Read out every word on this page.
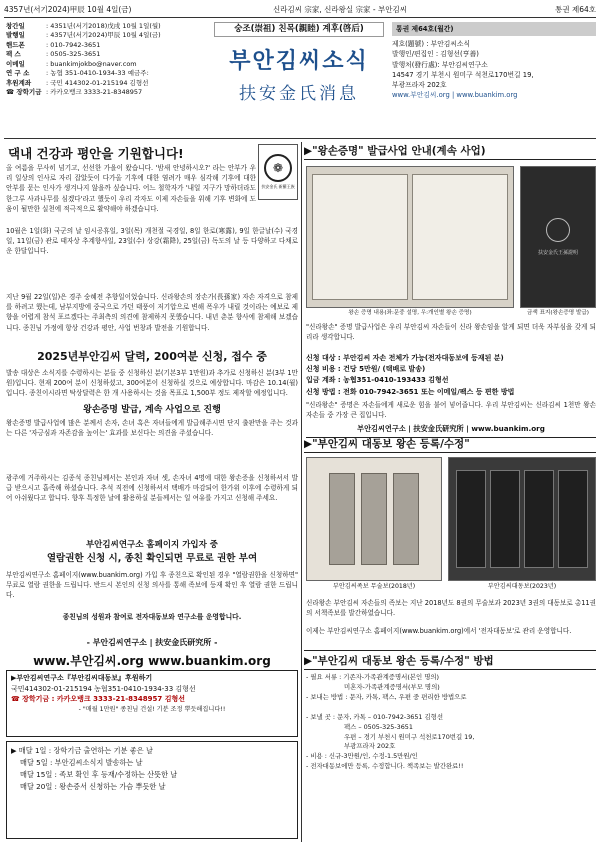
4357년(서기2024)甲辰 10월 4일(금)	신라김씨 宗家, 신라왕실 宗家 - 부안김씨	통권 제64호
창간일	: 4351년(서기2018)戊戌 10월 1일(월)
발행일	: 4357년(서기2024)甲辰 10월 4일(금)
핸드폰	: 010-7942-3651
팩 스	: 0505-325-3651
이메일	: buankimjokbo@naver.com
연 구 소	: 농협 351-0410-1934-33 예금주:
후원계좌	: 국민 414302-01-215194 김형선
☎ 장학기금 : 카카오뱅크 3333-21-8348957
숭조(崇祖) 친목(親睦) 계후(啓后)
부안김씨소식
扶安金氏消息
통권 제64호(월간)
제호(題號) : 부안김씨소식
발행인/편집인 : 김형선(亨善)
발행처(發行處): 부안김씨연구소
14547 경기 부천시 원미구 석천로170번길 19,
부광프라자 202호
www.부안김씨.org | www.buankim.org
댁내 건강과 평안을 기원합니다!
❁
扶安金氏 新羅王族
올 여름을 무사히 넘기고, 선선한 가을이 왔습니다. '밤새 안녕하시오?' 라는 안부가 우리 일상의 인사로 자리 잡았듯이 다가올 기후에 대한 염려가 매우 심각해 기후에 대한 안부를 묻는 인사가 생겨나지 않을까 싶습니다. 어느 철학자가 '내일 지구가 망하더라도 한그루 사과나무를 심겠다'라고 했듯이 우리 각자도 이제 자손들을 위해 기후 변화에 도움이 될만한 실천에 적극적으로 활약해야 하겠습니다.
10월은 1일(화) 국군의 날 임시공휴일, 3일(목) 개천절 국경일, 8일 한로(寒露), 9일 한글날(수) 국경일, 11일(금) 관로 태자상 추계향사일, 23일(수) 상강(霜降), 25일(금) 독도의 날 등 다양하고 다채로운 한달입니다.
지난 9월 22일(일)은 경주 숭혜전 추향일이었습니다. 신라왕손의 장손가(長孫家) 자손 자격으로 참제를 하려고 했는데, 남부지방에 중국으로 가던 태풍이 저기압으로 변해 폭우가 내릴 것이라는 예보로 제향을 어렵게 참석 포르겠다는 주최측의 의견에 참제하지 못했습니다. 내년 춘분 향사에 참제해 보겠습니다. 종친님 가정에 항상 건강과 평안, 사업 번창과 발전을 기원합니다.
2025년부안김씨 달력, 200여분 신청, 접수 중
발송 대상은 소식지를 수령하시는 분들 중 신청하신 분(기본3부 1만원)과 추가로 신청하신 분(3부 1만원)입니다. 현재 200여 분이 신청하셨고, 300여분이 신청하실 것으로 예상합니다. 마감은 10.14(월)입니다. 종친이시라면 탁상달력은 한 개 사용하시는 것을 목표로 1,500부 정도 제작할 예정입니다.
왕손증명 발급, 계속 사업으로 진행
왕손증명 발급사업에 많은 분께서 손자, 손녀 혹은 자녀들에게 발급해주시면 단지 출판만을 주는 것과는 다른 '자긍심과 자존감을 높이는' 효과를 보신다는 의견을 주셨습니다.
광주에 거주하시는 김종석 종친님께서는 본인과 자녀 셋, 손자녀 4명에 대한 왕손증을 신청하셔서 발급 받으시고 흡족해 하셨습니다. 추석 직전에 신청하셔서 택배가 마감되어 한가위 이후에 수령하게 되어 아쉬웠다고 합니다. 향후 특정한 날에 활용하실 분들께서는 일 여유를 가지고 신청해 주세요.
부안김씨연구소 홈페이지 가입자 중
열람권한 신청 시, 종친 확인되면 무료로 권한 부여
부안김씨연구소 홈페이지(www.buankim.org) 가입 후 종친으로 확인된 경우 "열람권한을 신청하면" 무료로 열람 권한을 드립니다. 반드시 본인의 신청 의사를 통해 족보에 등재 확인 후 열람 권한 드립니다.
종친님의 성원과 참여로 전자대동보와 연구소를 운영합니다.
- 부안김씨연구소 | 扶安金氏研究所 -
www.부안김씨.org www.buankim.org
▶부안김씨연구소『부안김씨대동보』후원하기
국민414302-01-215194 농협351-0410-1934-33 김형선
☎ 장학기금 : 카카오뱅크 3333-21-8348957 김형선
- "매월 1만원" 종친님 건설! 기분 조정 뿌듯해집니다!!
▶ 매달 1일 : 장학기금 출연하는 기분 좋은 날
매달 5일 : 부안김씨소식지 발송하는 날
매달 15일 : 족보 확인 후 등재/수정하는 산뜻한 날
매달 20일 : 왕손증서 신청하는 가슴 뿌듯한 날
▶"왕손증명" 발급사업 안내(계속 사업)
扶安金氏王孫證明
왕손 증명 내용(좌:문중 설명, 우:개인별 왕손 증명)	금색 표지(왕손증명 발급)
"신라왕손" 증명 발급사업은 우리 부안김씨 자손들이 신라 왕손임을 알게 되면 더욱 자부심을 갖게 되리라 생각합니다.
신청 대상 : 부안김씨 자손 전체가 가능(전자대동보에 등재된 분)
신청 비용 : 건당 5만원/ (택배로 발송)
입금 계좌 : 농협351-0410-193433 김형선
신청 방법 : 전화 010-7942-3651 또는 이메일/팩스 등 편한 방법
"신라왕손" 증명은 자손들에게 새로운 힘을 불어 넣어줍니다. 우리 부안김씨는 신라김씨 1천만 왕손 자손들 중 가장 큰 집입니다.
부안김씨연구소 | 扶安金氏研究所 | www.buankim.org
▶"부안김씨 대동보 왕손 등록/수정"
부안김씨족보 무술보(2018년)	부안김씨대동보(2023년)
신라왕손 부안김씨 자손들의 족보는 지난 2018년도 8권의 무술보과 2023년 3권의 대동보로 총11권의 서책족보를 발간하였습니다.
이제는 부안김씨연구소 홈페이지(www.buankim.org)에서 '전자대동보'로 관리 운영합니다.
▶"부안김씨 대동보 왕손 등록/수정" 방법
- 필요 서류 : 기존자-가족관계증명서(본인 명의)
미혼자-가족관계증명서(부모 명의)
- 보내는 방법 : 문자, 카톡, 팩스, 우편 중 편리한 방법으로

- 보낼 곳 : 문자, 카톡 – 010-7942-3651 김형선
팩스 – 0505-325-3651
우편 – 경기 부천시 원미구 석천로170번길 19,
부광프라자 202호
- 비용 : 신규-3만원/인, 수정-1.5만원/인
- 전자대동보에만 등록, 수정합니다. 책족보는 발간완료!!
